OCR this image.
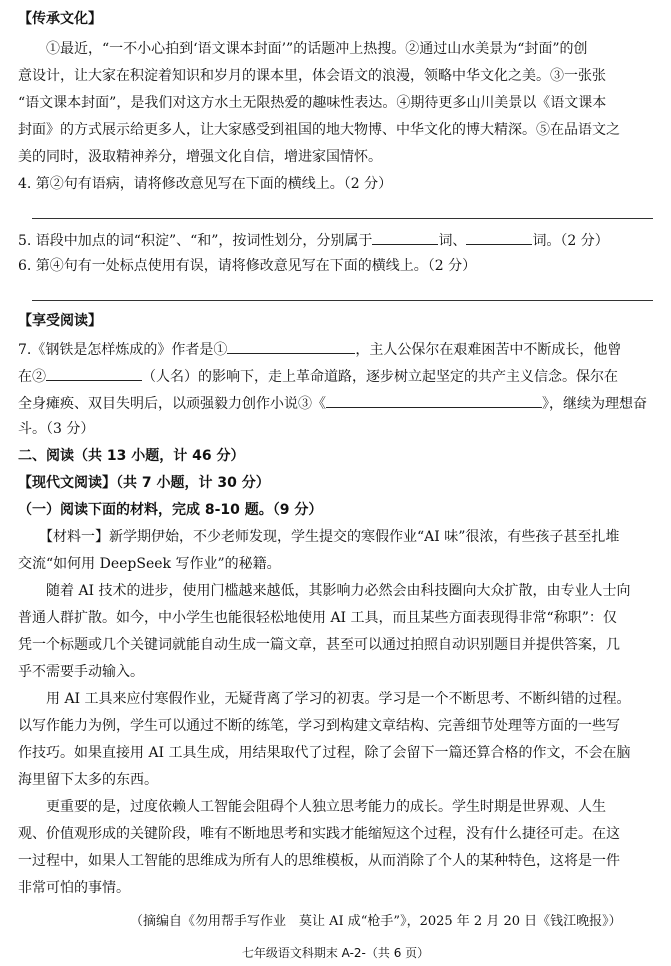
【传承文化】
　　①最近，“一不小心拍到‘语文课本封面’”的话题冲上热搜。②通过山水美景为“封面”的创
意设计，让大家在积淀着知识和岁月的课本里，体会语文的浪漫，领略中华文化之美。③一张张
“语文课本封面”，是我们对这方水土无限热爱的趣味性表达。④期待更多山川美景以《语文课本
封面》的方式展示给更多人，让大家感受到祖国的地大物博、中华文化的博大精深。⑤在品语文之
美的同时，汲取精神养分，增强文化自信，增进家国情怀。
4. 第②句有语病，请将修改意见写在下面的横线上。（2 分）
5. 语段中加点的词“积淀”、“和”，按词性划分，分别属于	词、	词。（2 分）
6. 第④句有一处标点使用有误，请将修改意见写在下面的横线上。（2 分）
【享受阅读】
7.《钢铁是怎样炼成的》作者是①	，主人公保尔在艰难困苦中不断成长，他曾
在②	（人名）的影响下，走上革命道路，逐步树立起坚定的共产主义信念。保尔在
全身瘫痪、双目失明后，以顽强毅力创作小说③《	》，继续为理想奋
斗。（3 分）
二、阅读（共 13 小题，计 46 分）
【现代文阅读】（共 7 小题，计 30 分）
（一）阅读下面的材料，完成 8-10 题。（9 分）
　　【材料一】新学期伊始，不少老师发现，学生提交的寒假作业“AI 味”很浓，有些孩子甚至扎堆
交流“如何用 DeepSeek 写作业”的秘籍。
　　随着 AI 技术的进步，使用门槛越来越低，其影响力必然会由科技圈向大众扩散，由专业人士向
普通人群扩散。如今，中小学生也能很轻松地使用 AI 工具，而且某些方面表现得非常“称职”：仅
凭一个标题或几个关键词就能自动生成一篇文章，甚至可以通过拍照自动识别题目并提供答案，几
乎不需要手动输入。
　　用 AI 工具来应付寒假作业，无疑背离了学习的初衷。学习是一个不断思考、不断纠错的过程。
以写作能力为例，学生可以通过不断的练笔，学习到构建文章结构、完善细节处理等方面的一些写
作技巧。如果直接用 AI 工具生成，用结果取代了过程，除了会留下一篇还算合格的作文，不会在脑
海里留下太多的东西。
　　更重要的是，过度依赖人工智能会阻碍个人独立思考能力的成长。学生时期是世界观、人生
观、价值观形成的关键阶段，唯有不断地思考和实践才能缩短这个过程，没有什么捷径可走。在这
一过程中，如果人工智能的思维成为所有人的思维模板，从而消除了个人的某种特色，这将是一件
非常可怕的事情。
（摘编自《勿用帮手写作业　莫让 AI 成“枪手”》，2025 年 2 月 20 日《钱江晚报》）
七年级语文科期末 A-2-（共 6 页）
